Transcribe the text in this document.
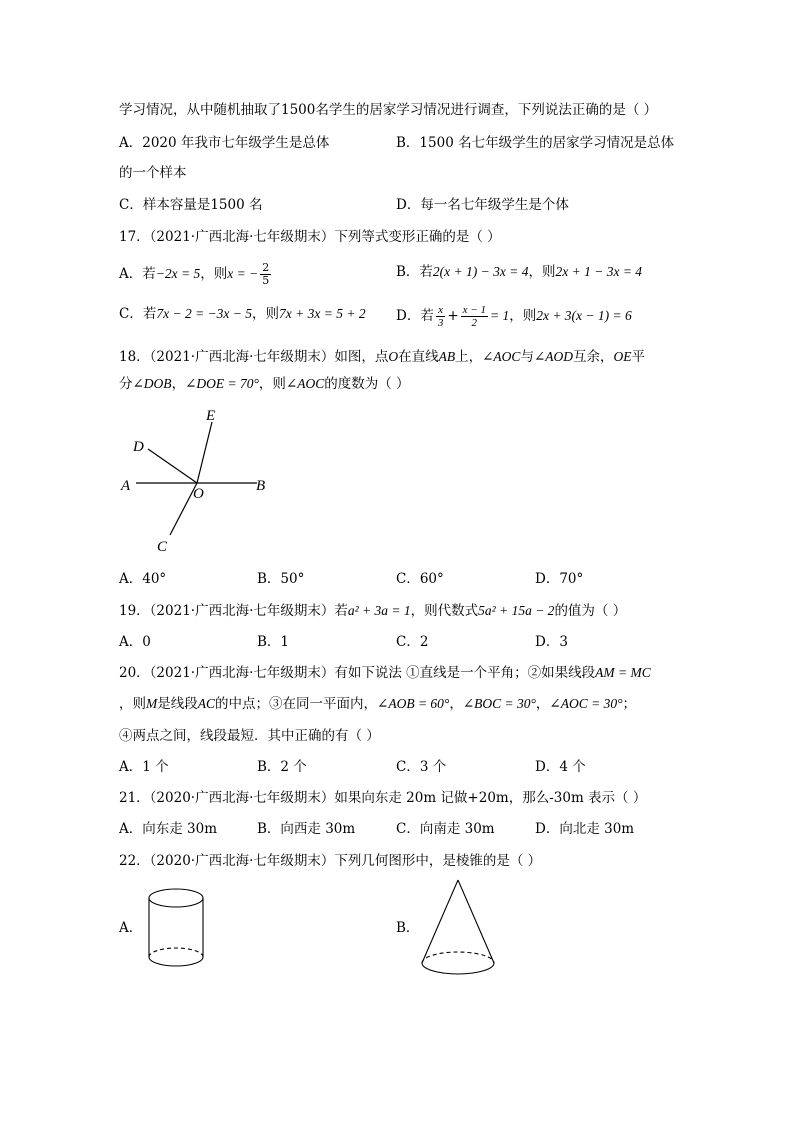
学习情况，从中随机抽取了1500名学生的居家学习情况进行调查，下列说法正确的是（ ）
A．2020 年我市七年级学生是总体	B．1500 名七年级学生的居家学习情况是总体
的一个样本
C．样本容量是1500 名	D．每一名七年级学生是个体
17．（2021·广西北海·七年级期末）下列等式变形正确的是（ ）
A．若−2x = 5，则x = − $\frac{2}{5}$	B．若2(x + 1) − 3x = 4，则2x + 1 − 3x = 4
C．若7x − 2 = −3x − 5，则7x + 3x = 5 + 2 D．若 $\frac{x}{3} + \frac{x - 1}{2} = 1$，则2x + 3(x − 1) = 6
18．（2021·广西北海·七年级期末）如图，点O在直线AB上，∠AOC与∠AOD互余，OE平
分∠DOB，∠DOE = 70°，则∠AOC的度数为（ ）
A	B
C
D
E
O
A．40°	B．50°	C．60°	D．70°
19．（2021·广西北海·七年级期末）若a² + 3a = 1，则代数式5a² + 15a − 2的值为（ ）
A．0	B．1	C．2	D．3
20．（2021·广西北海·七年级期末）有如下说法 ①直线是一个平角；②如果线段AM = MC
，则M是线段AC的中点；③在同一平面内，∠AOB = 60°，∠BOC = 30°，∠AOC = 30°；
④两点之间，线段最短．其中正确的有（ ）
A．1 个	B．2 个	C．3 个	D．4 个
21．（2020·广西北海·七年级期末）如果向东走 20m 记做+20m，那么-30m 表示（ ）
A．向东走 30m	B．向西走 30m	C．向南走 30m	D．向北走 30m
22．（2020·广西北海·七年级期末）下列几何图形中，是棱锥的是（ ）
A．	B．
